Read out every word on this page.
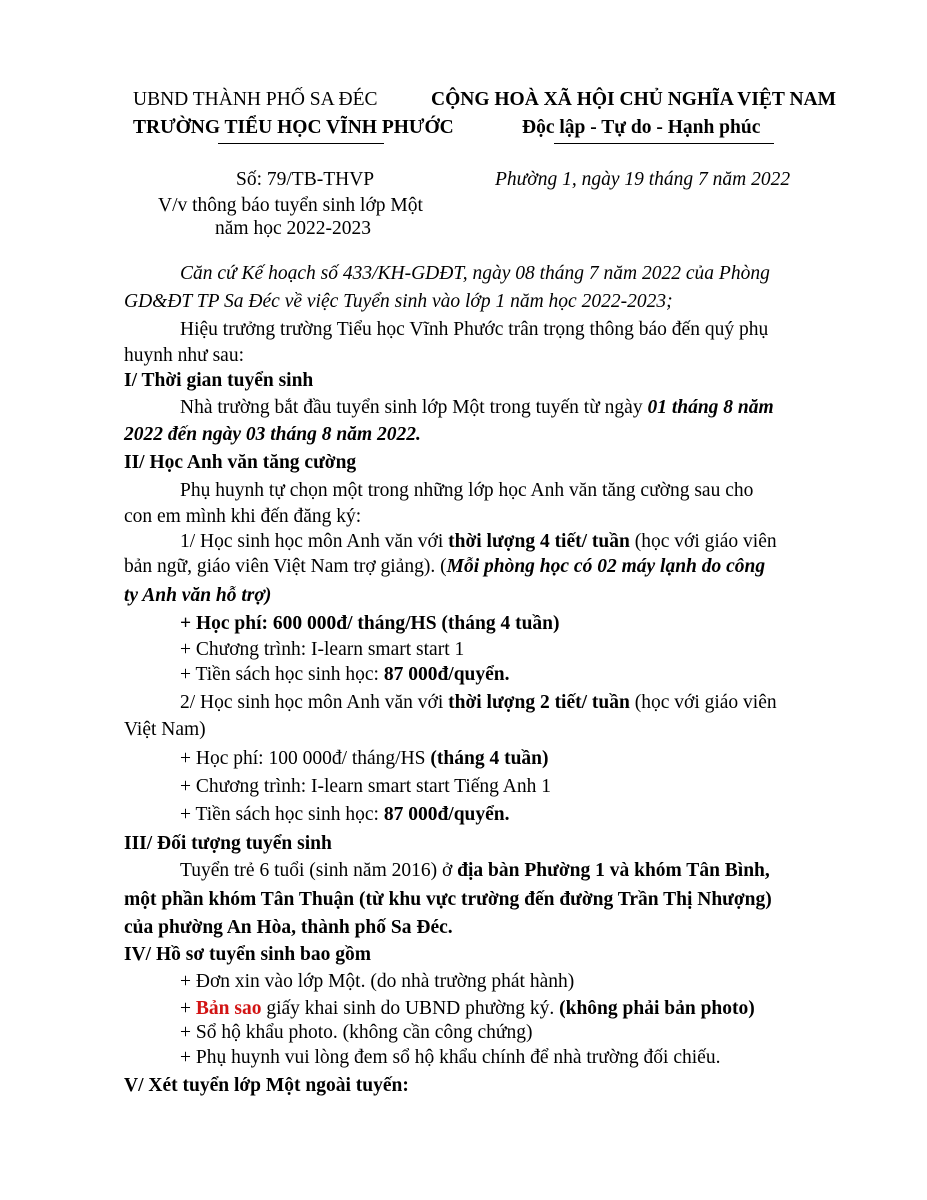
UBND THÀNH PHỐ SA ĐÉC
TRƯỜNG TIỂU HỌC VĨNH PHƯỚC
CỘNG HOÀ XÃ HỘI CHỦ NGHĨA VIỆT NAM
Độc lập - Tự do - Hạnh phúc
Số: 79/TB-THVP
V/v thông báo tuyển sinh lớp Một
năm học 2022-2023
Phường 1, ngày 19 tháng 7 năm 2022
Căn cứ Kế hoạch số 433/KH-GDĐT, ngày 08 tháng 7 năm 2022 của Phòng
GD&ĐT TP Sa Đéc về việc Tuyển sinh vào lớp 1 năm học 2022-2023;
Hiệu trưởng trường Tiểu học Vĩnh Phước trân trọng thông báo đến quý phụ
huynh như sau:
I/ Thời gian tuyển sinh
Nhà trường bắt đầu tuyển sinh lớp Một trong tuyến từ ngày 01 tháng 8 năm
2022 đến ngày 03 tháng 8 năm 2022.
II/ Học Anh văn tăng cường
Phụ huynh tự chọn một trong những lớp học Anh văn tăng cường sau cho
con em mình khi đến đăng ký:
1/ Học sinh học môn Anh văn với thời lượng 4 tiết/ tuần (học với giáo viên
bản ngữ, giáo viên Việt Nam trợ giảng). (Mỗi phòng học có 02 máy lạnh do công
ty Anh văn hỗ trợ)
+ Học phí: 600 000đ/ tháng/HS (tháng 4 tuần)
+ Chương trình: I-learn smart start 1
+ Tiền sách học sinh học: 87 000đ/quyển.
2/ Học sinh học môn Anh văn với thời lượng 2 tiết/ tuần (học với giáo viên
Việt Nam)
+ Học phí: 100 000đ/ tháng/HS (tháng 4 tuần)
+ Chương trình: I-learn smart start Tiếng Anh 1
+ Tiền sách học sinh học: 87 000đ/quyển.
III/ Đối tượng tuyển sinh
Tuyển trẻ 6 tuổi (sinh năm 2016) ở địa bàn Phường 1 và khóm Tân Bình,
một phần khóm Tân Thuận (từ khu vực trường đến đường Trần Thị Nhượng)
của phường An Hòa, thành phố Sa Đéc.
IV/ Hồ sơ tuyển sinh bao gồm
+ Đơn xin vào lớp Một. (do nhà trường phát hành)
+ Bản sao giấy khai sinh do UBND phường ký. (không phải bản photo)
+ Sổ hộ khẩu photo. (không cần công chứng)
+ Phụ huynh vui lòng đem sổ hộ khẩu chính để nhà trường đối chiếu.
V/ Xét tuyển lớp Một ngoài tuyến:
